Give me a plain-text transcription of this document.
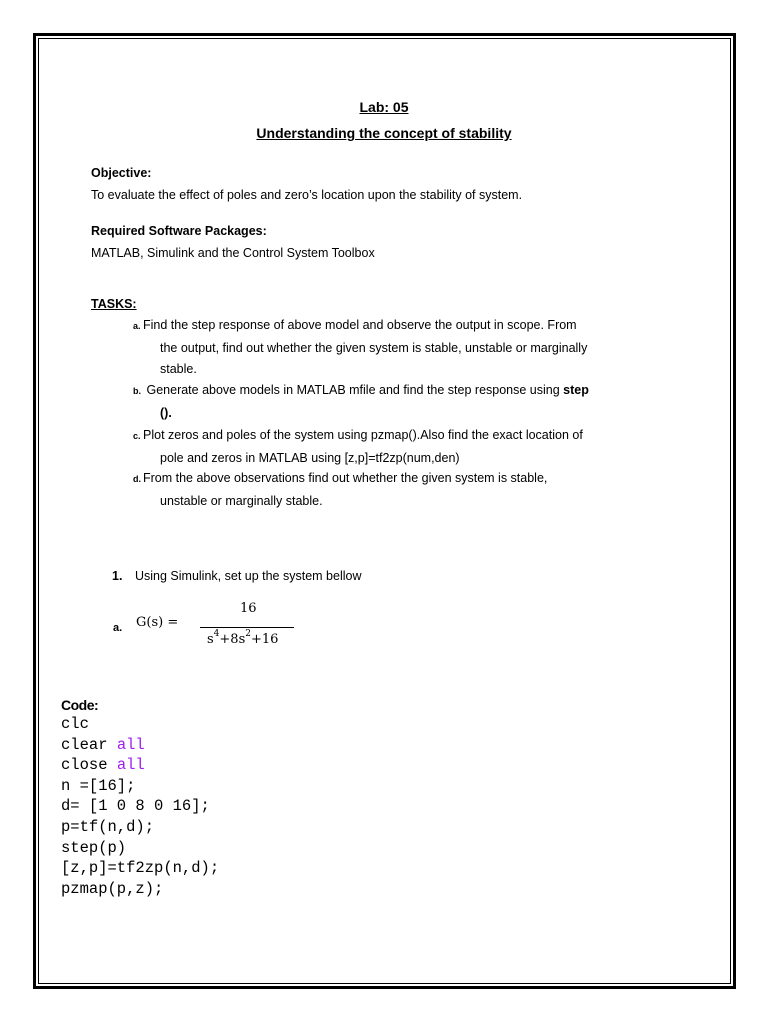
Lab: 05
Understanding the concept of stability
Objective:
To evaluate the effect of poles and zero’s location upon the stability of system.
Required Software Packages:
MATLAB, Simulink and the Control System Toolbox
TASKS:
a. Find the step response of above model and observe the output in scope. From
the output, find out whether the given system is stable, unstable or marginally
stable.
b. Generate above models in MATLAB mfile and find the step response using step
().
c. Plot zeros and poles of the system using pzmap().Also find the exact location of
pole and zeros in MATLAB using [z,p]=tf2zp(num,den)
d. From the above observations find out whether the given system is stable,
unstable or marginally stable.
1. Using Simulink, set up the system bellow
a. G(s) =
16
$s^4+8s^2+16$
Code:
clc
clear all
close all
n =[16];
d= [1 0 8 0 16];
p=tf(n,d);
step(p)
[z,p]=tf2zp(n,d);
pzmap(p,z);
